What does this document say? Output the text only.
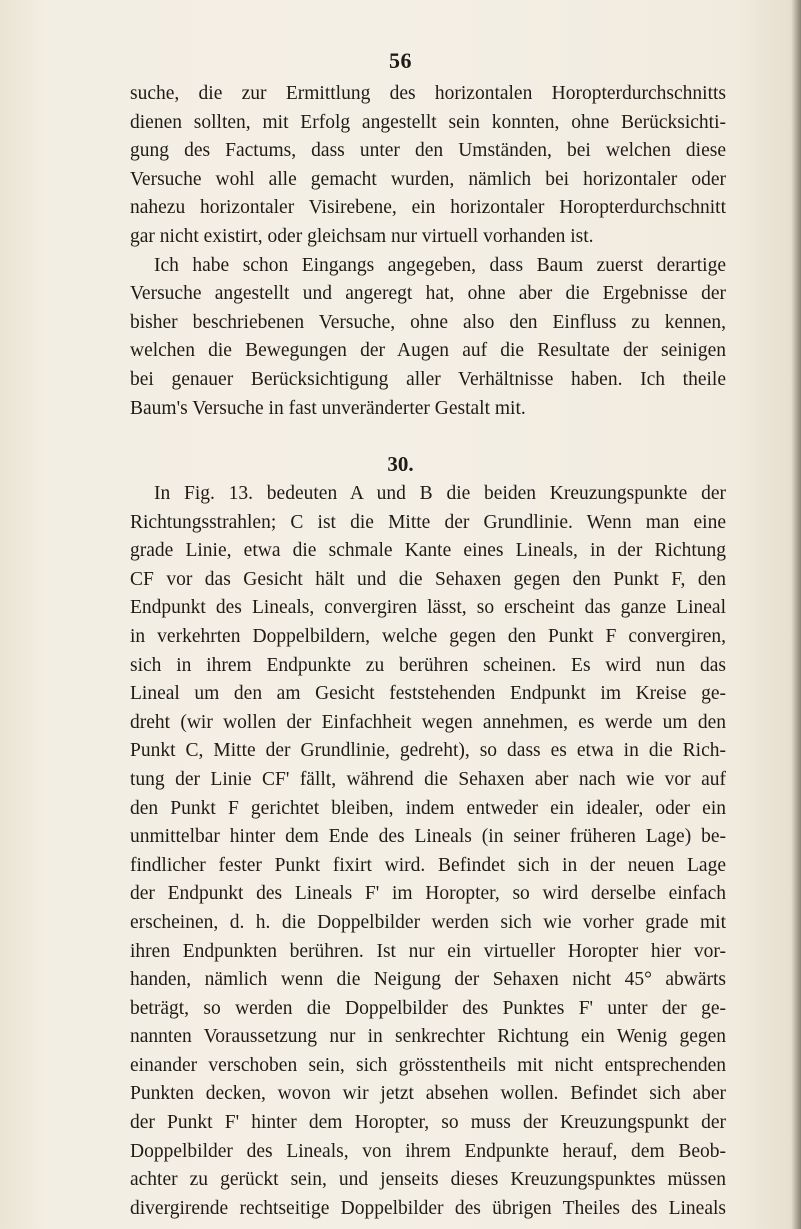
56
suche, die zur Ermittlung des horizontalen Horopterdurchschnitts
dienen sollten, mit Erfolg angestellt sein konnten, ohne Berücksichti-
gung des Factums, dass unter den Umständen, bei welchen diese
Versuche wohl alle gemacht wurden, nämlich bei horizontaler oder
nahezu horizontaler Visirebene, ein horizontaler Horopterdurchschnitt
gar nicht existirt, oder gleichsam nur virtuell vorhanden ist.
Ich habe schon Eingangs angegeben, dass Baum zuerst derartige
Versuche angestellt und angeregt hat, ohne aber die Ergebnisse der
bisher beschriebenen Versuche, ohne also den Einfluss zu kennen,
welchen die Bewegungen der Augen auf die Resultate der seinigen
bei genauer Berücksichtigung aller Verhältnisse haben. Ich theile
Baum's Versuche in fast unveränderter Gestalt mit.
30.
In Fig. 13. bedeuten A und B die beiden Kreuzungspunkte der
Richtungsstrahlen; C ist die Mitte der Grundlinie. Wenn man eine
grade Linie, etwa die schmale Kante eines Lineals, in der Richtung
CF vor das Gesicht hält und die Sehaxen gegen den Punkt F, den
Endpunkt des Lineals, convergiren lässt, so erscheint das ganze Lineal
in verkehrten Doppelbildern, welche gegen den Punkt F convergiren,
sich in ihrem Endpunkte zu berühren scheinen. Es wird nun das
Lineal um den am Gesicht feststehenden Endpunkt im Kreise ge-
dreht (wir wollen der Einfachheit wegen annehmen, es werde um den
Punkt C, Mitte der Grundlinie, gedreht), so dass es etwa in die Rich-
tung der Linie CF' fällt, während die Sehaxen aber nach wie vor auf
den Punkt F gerichtet bleiben, indem entweder ein idealer, oder ein
unmittelbar hinter dem Ende des Lineals (in seiner früheren Lage) be-
findlicher fester Punkt fixirt wird. Befindet sich in der neuen Lage
der Endpunkt des Lineals F' im Horopter, so wird derselbe einfach
erscheinen, d. h. die Doppelbilder werden sich wie vorher grade mit
ihren Endpunkten berühren. Ist nur ein virtueller Horopter hier vor-
handen, nämlich wenn die Neigung der Sehaxen nicht 45° abwärts
beträgt, so werden die Doppelbilder des Punktes F' unter der ge-
nannten Voraussetzung nur in senkrechter Richtung ein Wenig gegen
einander verschoben sein, sich grösstentheils mit nicht entsprechenden
Punkten decken, wovon wir jetzt absehen wollen. Befindet sich aber
der Punkt F' hinter dem Horopter, so muss der Kreuzungspunkt der
Doppelbilder des Lineals, von ihrem Endpunkte herauf, dem Beob-
achter zu gerückt sein, und jenseits dieses Kreuzungspunktes müssen
divergirende rechtseitige Doppelbilder des übrigen Theiles des Lineals
